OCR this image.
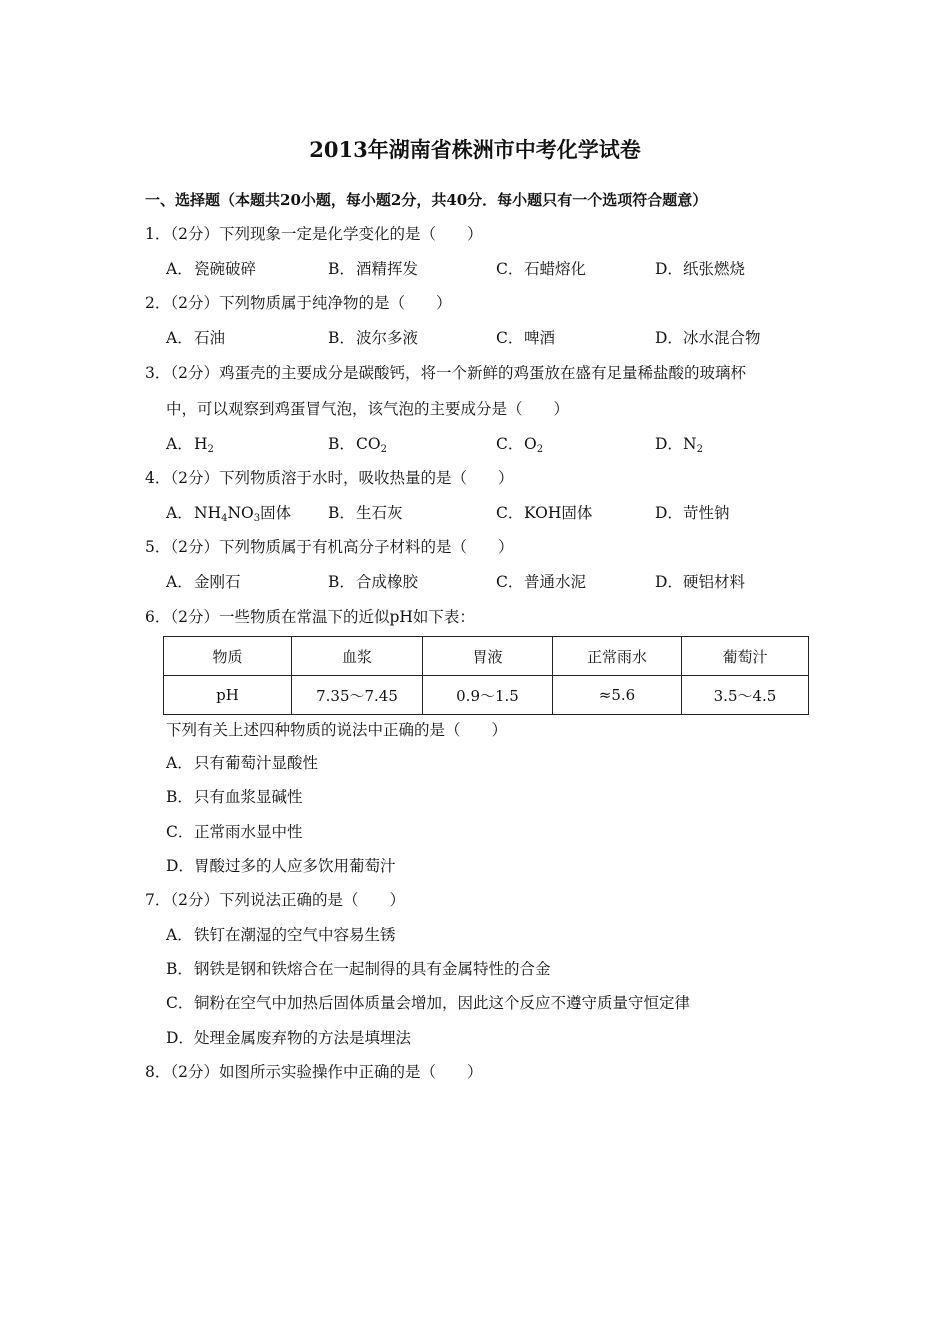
2013年湖南省株洲市中考化学试卷
一、选择题（本题共20小题，每小题2分，共40分．每小题只有一个选项符合题意）
1．（2分）下列现象一定是化学变化的是（　　）
A．瓷碗破碎	B．酒精挥发	C．石蜡熔化	D．纸张燃烧
2．（2分）下列物质属于纯净物的是（　　）
A．石油	B．波尔多液	C．啤酒	D．冰水混合物
3．（2分）鸡蛋壳的主要成分是碳酸钙，将一个新鲜的鸡蛋放在盛有足量稀盐酸的玻璃杯
中，可以观察到鸡蛋冒气泡，该气泡的主要成分是（　　）
A．$H_2$	B．$CO_2$	C．$O_2$	D．$N_2$
4．（2分）下列物质溶于水时，吸收热量的是（　　）
A．$NH_4NO_3$固体 B．生石灰	C．KOH固体	D．苛性钠
5．（2分）下列物质属于有机高分子材料的是（　　）
A．金刚石	B．合成橡胶	C．普通水泥	D．硬铝材料
6．（2分）一些物质在常温下的近似pH如下表：
物质	血浆	胃液	正常雨水	葡萄汁
pH	7.35～7.45	0.9～1.5	≈5.6	3.5～4.5
下列有关上述四种物质的说法中正确的是（　　）
A．只有葡萄汁显酸性
B．只有血浆显碱性
C．正常雨水显中性
D．胃酸过多的人应多饮用葡萄汁
7．（2分）下列说法正确的是（　　）
A．铁钉在潮湿的空气中容易生锈
B．钢铁是钢和铁熔合在一起制得的具有金属特性的合金
C．铜粉在空气中加热后固体质量会增加，因此这个反应不遵守质量守恒定律
D．处理金属废弃物的方法是填埋法
8．（2分）如图所示实验操作中正确的是（　　）
